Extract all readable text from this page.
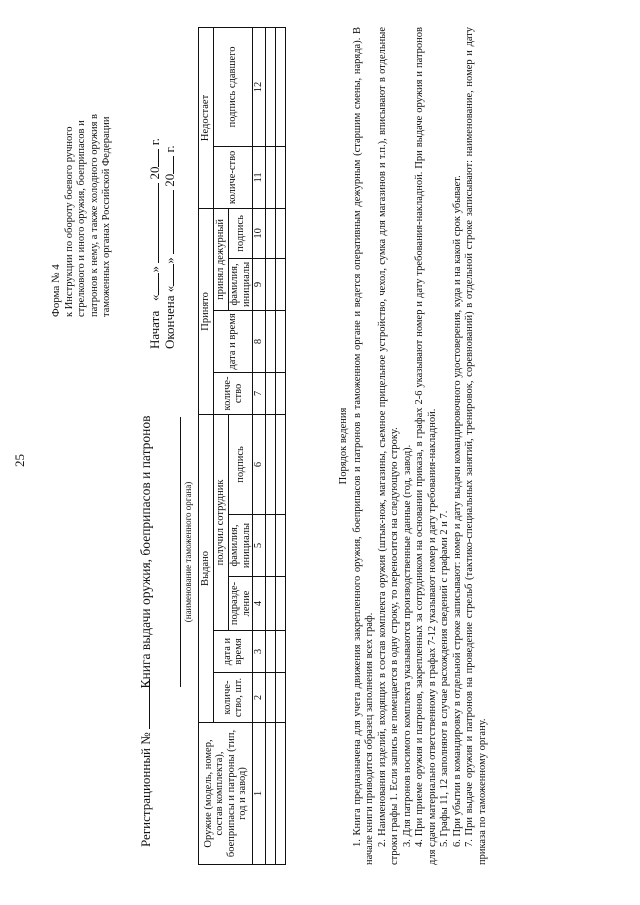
25
Форма № 4 к Инструкции по обороту боевого ручного стрелкового и иного оружия, боеприпасов и патронов к нему, а также холодного оружия в таможенных органах Российской Федерации
Регистрационный №
Книга выдачи оружия, боеприпасов и патронов	(наименование таможенного органа)
Начата   «»  20 г.
Окончена «»  20 г.
Оружие (модель, номер, состав комплекта), боеприпасы и патроны (тип, год и завод)	Выдано					Принято				Недостает	
	количе-ство, шт.	дата и время	получил сотрудник			количе-ство	дата и время	принял дежурный		количе-ство	подпись сдавшего
			подразде-ление	фамилия, инициалы	подпись			фамилия, инициалы	подпись		
1	2	3	4	5	6	7	8	9	10	11	12

Порядок ведения 1. Книга предназначена для учета движения закрепленного оружия, боеприпасов и патронов в таможенном органе и ведется оперативным дежурным (старшим смены, наряда). В начале книги приводится образец заполнения всех граф. 2. Наименования изделий, входящих в состав комплекта оружия (штык-нож, магазины, съемное прицельное устройство, чехол, сумка для магазинов и т.п.), вписывают в отдельные строки графы 1. Если запись не помещается в одну строку, то переносится на следующую строку. 3. Для патронов носимого комплекта указываются производственные данные (год, завод). 4. При приеме оружия и патронов, закрепленных за сотрудником на основании приказа, в графах 2-6 указывают номер и дату требования-накладной. При выдаче оружия и патронов для сдачи материально ответственному в графах 7-12 указывают номер и дату требования-накладной. 5. Графы 11, 12 заполняют в случае расхождения сведений с графами 2 и 7. 6. При убытии в командировку в отдельной строке записывают: номер и дату выдачи командировочного удостоверения, куда и на какой срок убывает. 7. При выдаче оружия и патронов на проведение стрельб (тактико-специальных занятий, тренировок, соревнований) в отдельной строке записывают: наименование, номер и дату приказа по таможенному органу.
